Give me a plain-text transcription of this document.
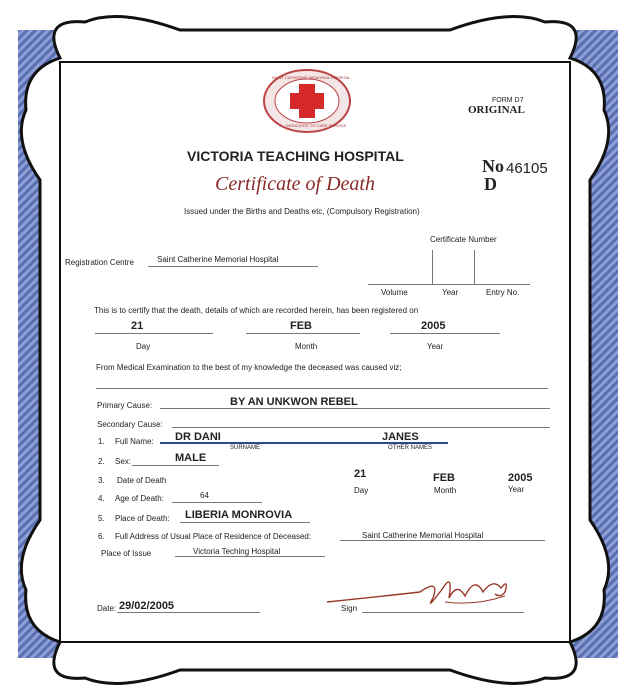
SAINT CATHERINE MEMORIAL HOSPITAL
DEDICATED TO CARE SERVICE
FORM D7
ORIGINAL
No 46105
D
VICTORIA TEACHING HOSPITAL
Certificate of Death
Issued under the Births and Deaths etc, (Compulsory Registration)
Certificate Number
Volume	Year	Entry No.
Registration Centre	Saint Catherine Memorial Hospital
This is to certify that the death, details of which are recorded herein, has been registered on
21	FEB	2005
Day	Month	Year
From Medical Examination to the best of my knowledge the deceased was caused viz;
Primary Cause:	BY AN UNKWON REBEL
Secondary Cause:
1. Full Name: DR DANI	JANES
SURNAME	OTHER NAMES
2. Sex:	MALE
3. Date of Death
21	FEB	2005
Day	Month	Year
4. Age of Death:	64
5. Place of Death: LIBERIA MONROVIA
6. Full Address of Usual Place of Residence of Deceased:	Saint Catherine Memorial Hospital
Place of Issue	Victoria Teching Hospital
Date: 29/02/2005	Sign
